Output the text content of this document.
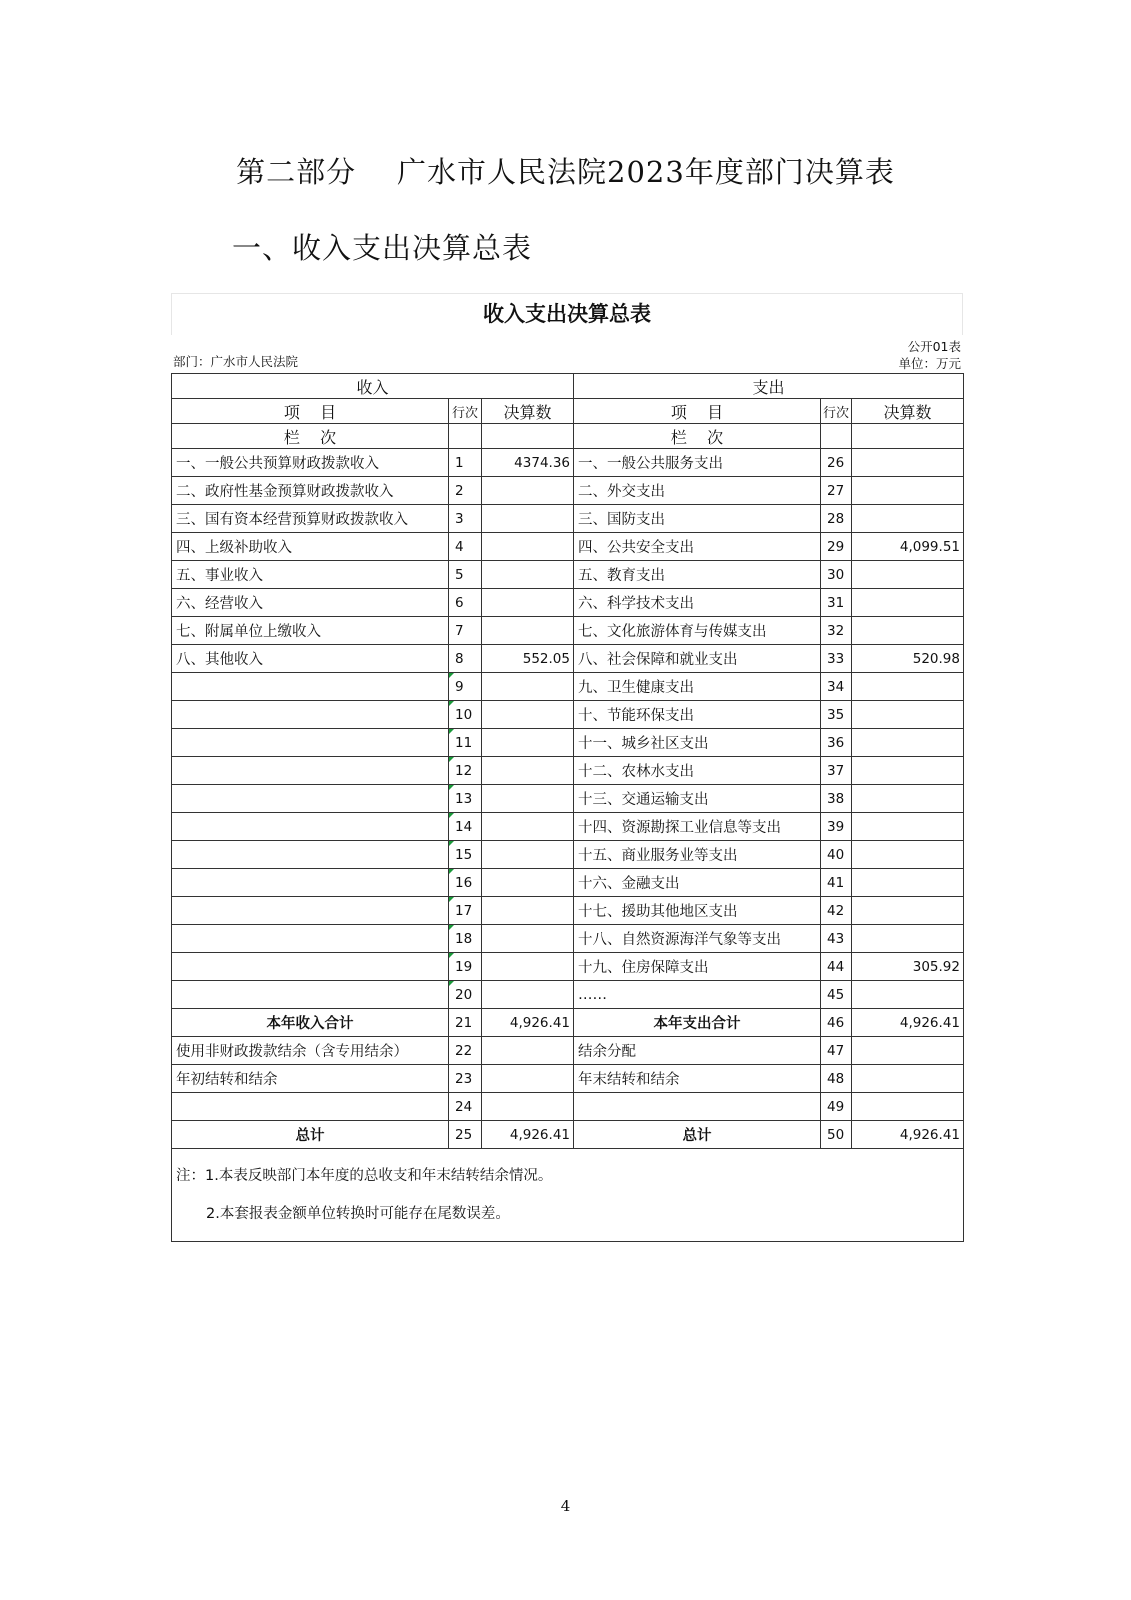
第二部分    广水市人民法院2023年度部门决算表
一、收入支出决算总表
收入支出决算总表
部门：广水市人民法院
公开01表
单位：万元
收入			支出		
项    目	行次	决算数	项    目	行次	决算数
栏    次			栏    次		
一、一般公共预算财政拨款收入	1	4374.36	一、一般公共服务支出	26	
二、政府性基金预算财政拨款收入	2		二、外交支出	27	
三、国有资本经营预算财政拨款收入	3		三、国防支出	28	
四、上级补助收入	4		四、公共安全支出	29	4,099.51
五、事业收入	5		五、教育支出	30	
六、经营收入	6		六、科学技术支出	31	
七、附属单位上缴收入	7		七、文化旅游体育与传媒支出	32	
八、其他收入	8	552.05	八、社会保障和就业支出	33	520.98
	9		九、卫生健康支出	34	
	10		十、节能环保支出	35	
	11		十一、城乡社区支出	36	
	12		十二、农林水支出	37	
	13		十三、交通运输支出	38	
	14		十四、资源勘探工业信息等支出	39	
	15		十五、商业服务业等支出	40	
	16		十六、金融支出	41	
	17		十七、援助其他地区支出	42	
	18		十八、自然资源海洋气象等支出	43	
	19		十九、住房保障支出	44	305.92
	20		……	45	
本年收入合计	21	4,926.41	本年支出合计	46	4,926.41
使用非财政拨款结余（含专用结余）	22		结余分配	47	
年初结转和结余	23		年末结转和结余	48	
	24			49	
总计	25	4,926.41	总计	50	4,926.41

注：1.本表反映部门本年度的总收支和年末结转结余情况。
2.本套报表金额单位转换时可能存在尾数误差。					
4
